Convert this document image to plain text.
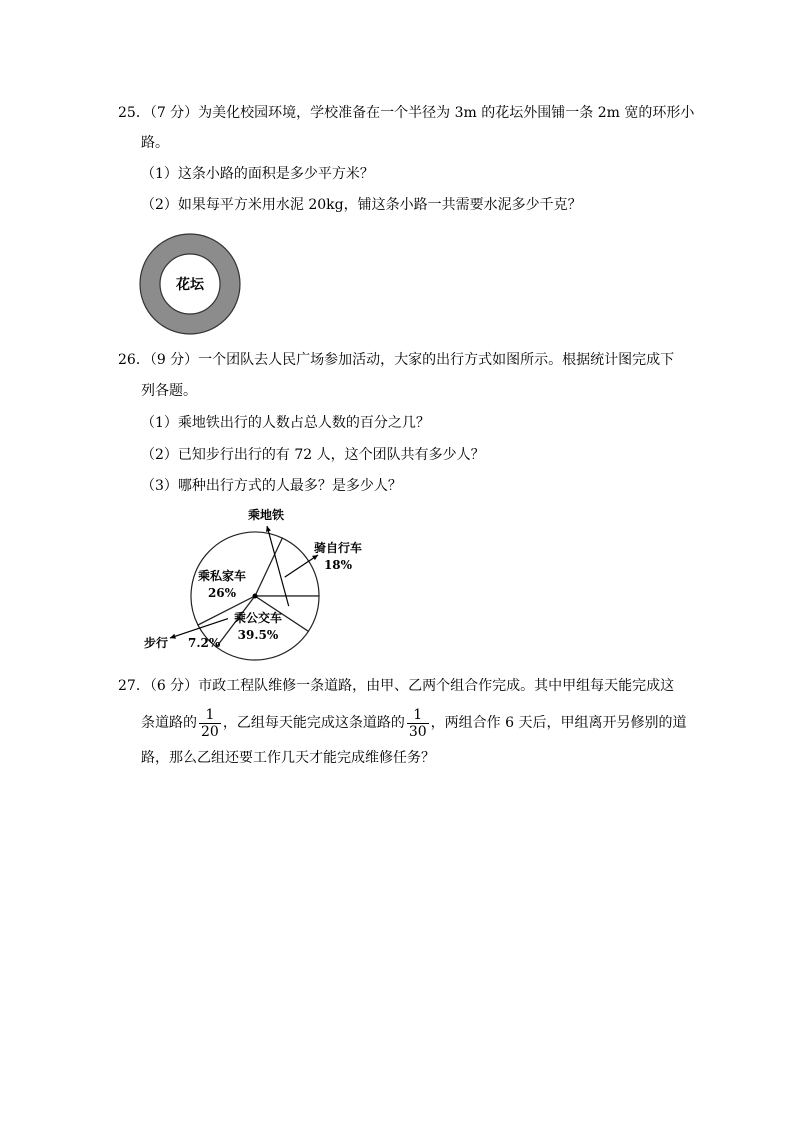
25．（7 分）为美化校园环境，学校准备在一个半径为 3m 的花坛外围铺一条 2m 宽的环形小
路。
（1）这条小路的面积是多少平方米？
（2）如果每平方米用水泥 20kg，铺这条小路一共需要水泥多少千克？
花坛
26．（9 分）一个团队去人民广场参加活动，大家的出行方式如图所示。根据统计图完成下
列各题。
（1）乘地铁出行的人数占总人数的百分之几？
（2）已知步行出行的有 72 人，这个团队共有多少人？
（3）哪种出行方式的人最多？是多少人？
骑自行车
18%
乘公交车
39.5%
步行 7.2%
乘私家车
26%
乘地铁
27．（6 分）市政工程队维修一条道路，由甲、乙两个组合作完成。其中甲组每天能完成这
条道路的 $\frac{1}{20}$ ，乙组每天能完成这条道路的 $\frac{1}{30}$ ，两组合作 6 天后，甲组离开另修别的道
路，那么乙组还要工作几天才能完成维修任务？
